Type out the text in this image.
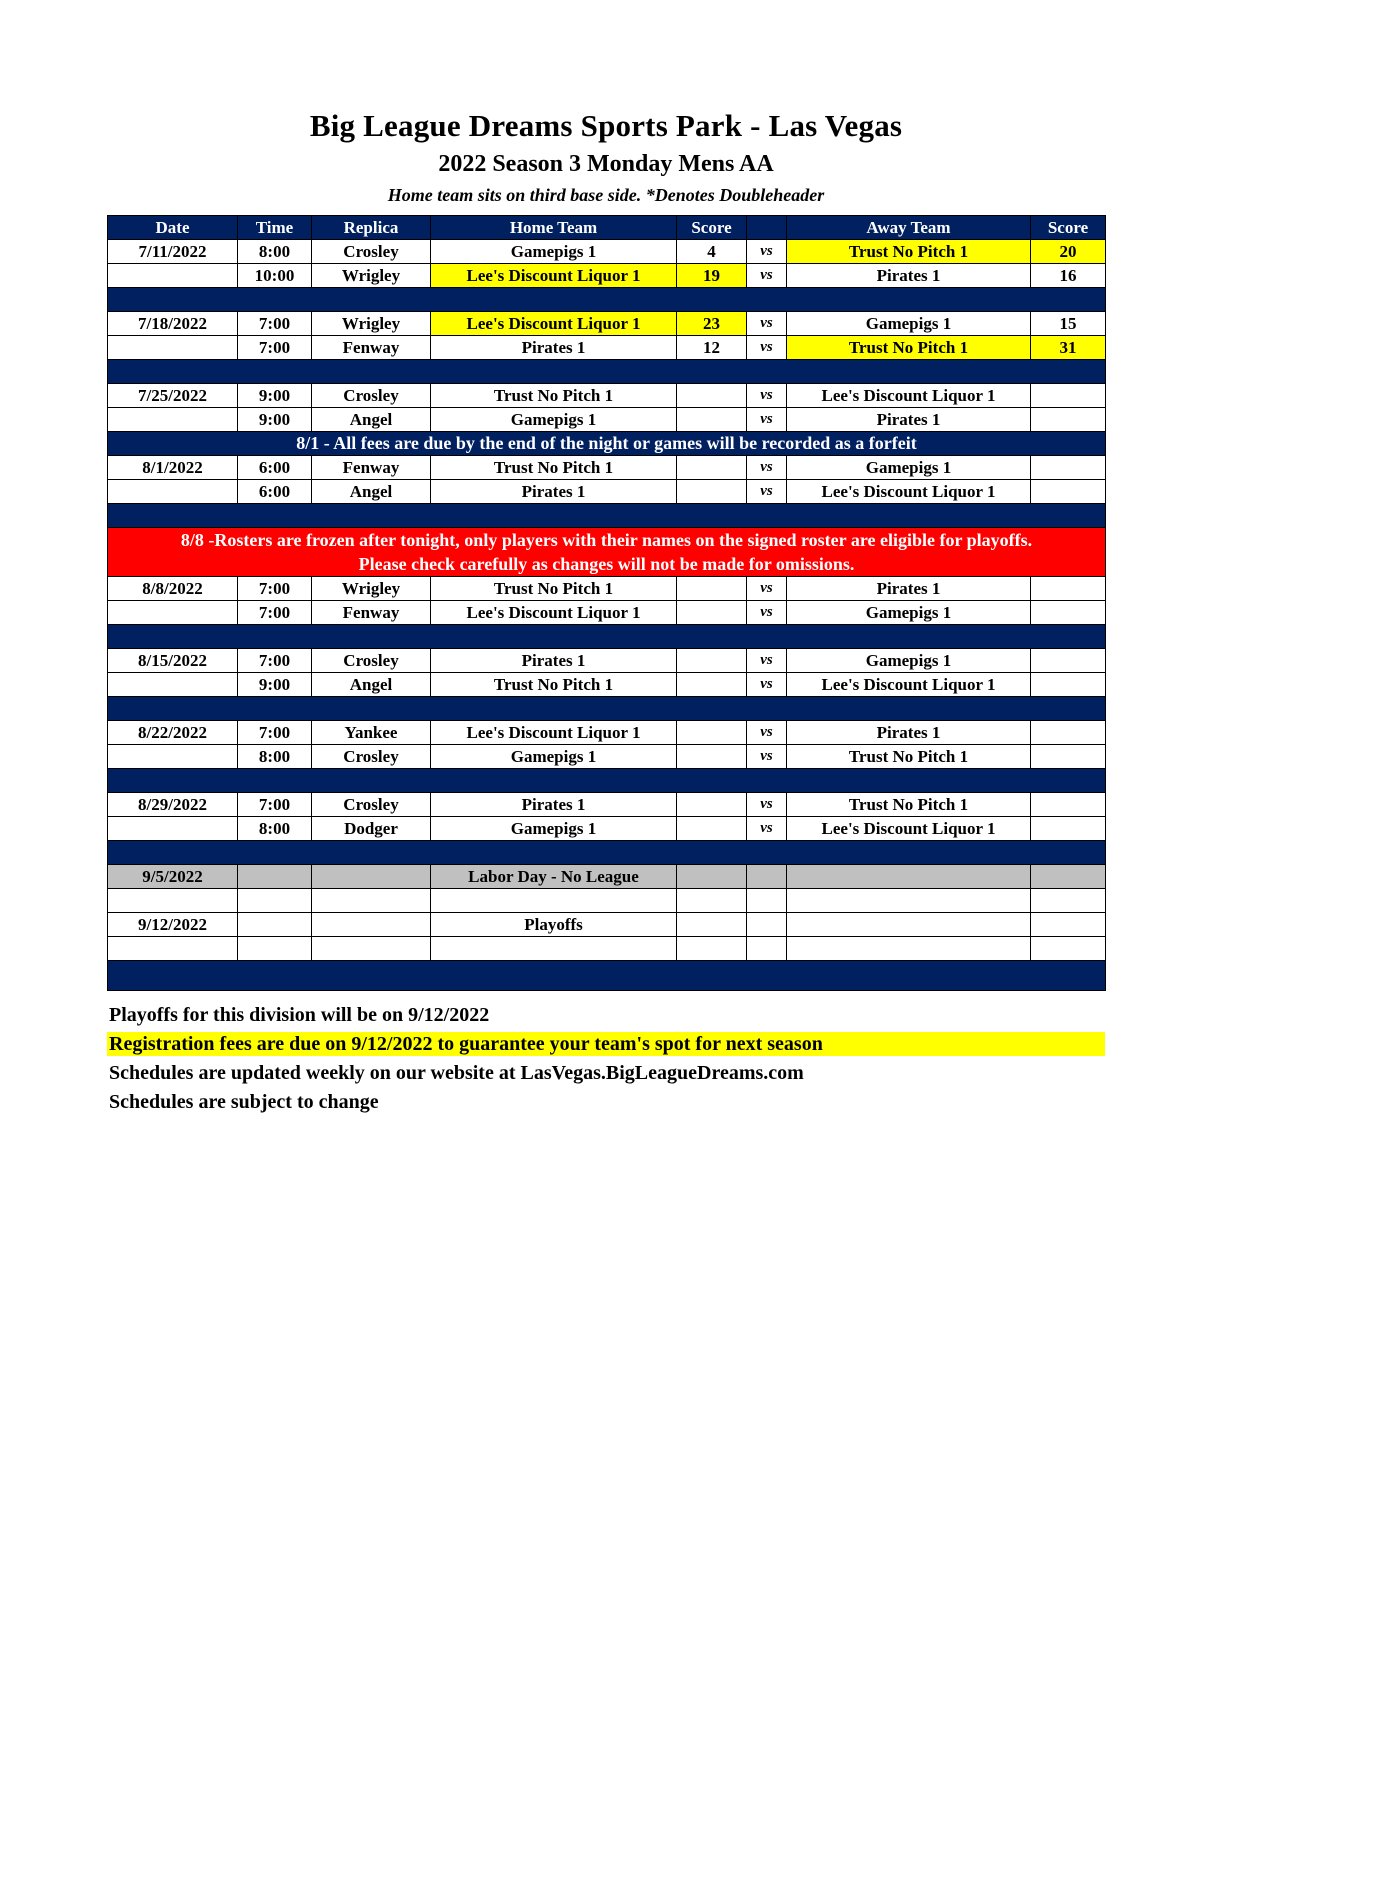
Big League Dreams Sports Park - Las Vegas
2022 Season 3 Monday Mens AA
Home team sits on third base side. *Denotes Doubleheader
Date	Time	Replica	Home Team	Score		Away Team	Score
7/11/2022	8:00	Crosley	Gamepigs 1	4	vs	Trust No Pitch 1	20
	10:00	Wrigley	Lee's Discount Liquor 1	19	vs	Pirates 1	16

7/18/2022	7:00	Wrigley	Lee's Discount Liquor 1	23	vs	Gamepigs 1	15
	7:00	Fenway	Pirates 1	12	vs	Trust No Pitch 1	31

7/25/2022	9:00	Crosley	Trust No Pitch 1		vs	Lee's Discount Liquor 1	
	9:00	Angel	Gamepigs 1		vs	Pirates 1	
8/1 - All fees are due by the end of the night or games will be recorded as a forfeit							
8/1/2022	6:00	Fenway	Trust No Pitch 1		vs	Gamepigs 1	
	6:00	Angel	Pirates 1		vs	Lee's Discount Liquor 1	

8/8 -Rosters are frozen after tonight, only players with their names on the signed roster are eligible for playoffs.
Please check carefully as changes will not be made for omissions.							

8/8/2022	7:00	Wrigley	Trust No Pitch 1		vs	Pirates 1	
	7:00	Fenway	Lee's Discount Liquor 1		vs	Gamepigs 1	

8/15/2022	7:00	Crosley	Pirates 1		vs	Gamepigs 1	
	9:00	Angel	Trust No Pitch 1		vs	Lee's Discount Liquor 1	

8/22/2022	7:00	Yankee	Lee's Discount Liquor 1		vs	Pirates 1	
	8:00	Crosley	Gamepigs 1		vs	Trust No Pitch 1	

8/29/2022	7:00	Crosley	Pirates 1		vs	Trust No Pitch 1	
	8:00	Dodger	Gamepigs 1		vs	Lee's Discount Liquor 1	

9/5/2022			Labor Day - No League				

9/12/2022			Playoffs				

Playoffs for this division will be on 9/12/2022
Registration fees are due on 9/12/2022 to guarantee your team's spot for next season
Schedules are updated weekly on our website at LasVegas.BigLeagueDreams.com
Schedules are subject to change
